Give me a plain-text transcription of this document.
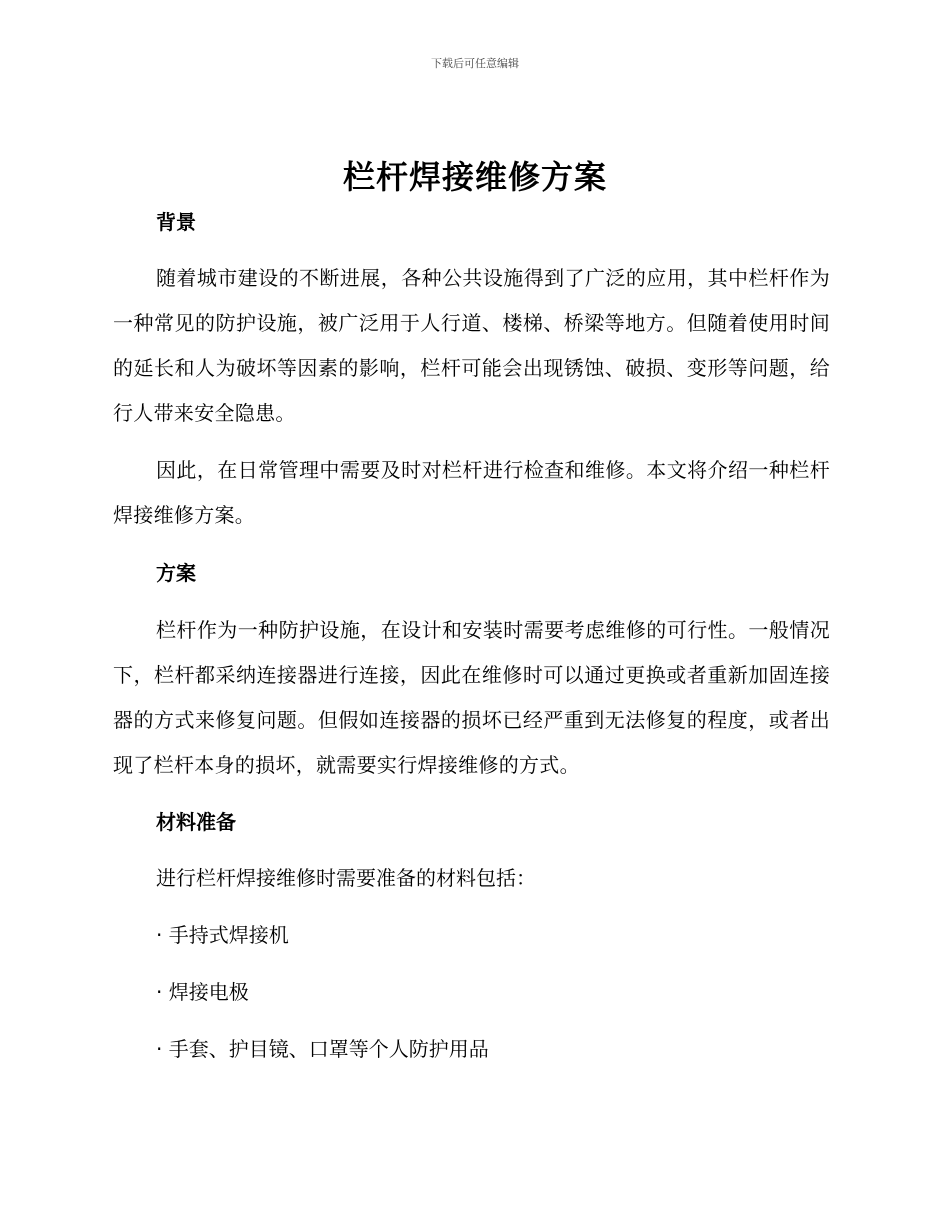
下载后可任意编辑
栏杆焊接维修方案
背景

随着城市建设的不断进展，各种公共设施得到了广泛的应用，其中栏杆作为一种常见的防护设施，被广泛用于人行道、楼梯、桥梁等地方。但随着使用时间的延长和人为破坏等因素的影响，栏杆可能会出现锈蚀、破损、变形等问题，给行人带来安全隐患。

因此，在日常管理中需要及时对栏杆进行检查和维修。本文将介绍一种栏杆焊接维修方案。

方案

栏杆作为一种防护设施，在设计和安装时需要考虑维修的可行性。一般情况下，栏杆都采纳连接器进行连接，因此在维修时可以通过更换或者重新加固连接器的方式来修复问题。但假如连接器的损坏已经严重到无法修复的程度，或者出现了栏杆本身的损坏，就需要实行焊接维修的方式。

材料准备

进行栏杆焊接维修时需要准备的材料包括：

· 手持式焊接机

· 焊接电极

· 手套、护目镜、口罩等个人防护用品
